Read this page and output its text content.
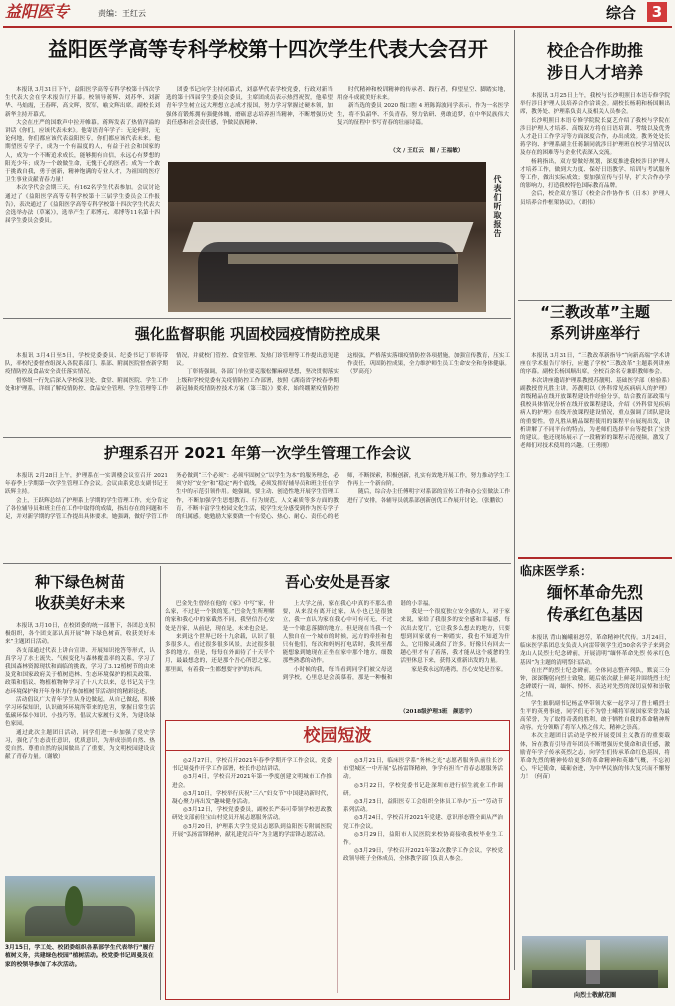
益阳医专	责编：王红云	综合	3
益阳医学高等专科学校第十四次学生代表大会召开

本报讯 3月31日下午，益阳医学高等专科学校第十四次学生代表大会在学术报告厅开幕。校领导蒋辉、刘苏华、刘新华、马灿霞，王春晖，高文晖，贺军，喻文辉出席。副校长刘新华主持开幕式。

大会在庄严的国歌声中拉开帷幕。蒋辉发表了热情洋溢的讲话《你们，应该代表未来》。他寄语青年学子：无论何时，无论何地，你们都应该代表益阳医专，你们都应该代表未来。他期望医专学子，成为一个有温度的人，有益于社会和国家的人，成为一个不断追求成长，能够拥有自信，永远心有梦想的阳光少年；成为一个敢做生命，无愧于心的医者；成为一个敢于挑战自我，勇于创新，精神饱满的专业人才，为祖国的医疗卫生事业贡献青春力量！

本次学代会会期三天，有162名学生代表参加。会议讨论通过了《益阳医学高等专科学校第十三届学生委员会工作报告》，表决通过了《益阳医学高等专科学校第十四次学生代表大会选举办法（草案）》，选举产生了邓博元、邓博等11名第十四届学生委员会委员。

团委书记向学主持闭幕式，刘嘉华代表学校党委，行政对新当选的第十四届学生委员会委员，主席团成员表示热烈祝贺，他希望青年学生树立远大理想立志成才报国，努力学习掌握过硬本领，加强体育锻炼拥有强健体魄，磨砺意志培养担当精神，不断增强历史责任感和社会责任感，争做民族精神、

时代精神和校训精神的传承者、践行者，仰望星空、脚踏实地，用奋斗成就美好未来。

新当选的委员 2020 级口腔 4 班陈海波同学表示，作为一名医学生，将不负韶华、不负青春，努力钻研、勇敢追梦，在中华民族伟大复兴的征程中书写青春的壮丽诗篇。

（文 / 王红云　图 / 王福敏）
代表们听取报告
校企合作助推
涉日人才培养

本报讯 3月25日上午，我校与长沙明照日本语专修学院举行涉日护理人员培养合作洽谈会。副校长杨莉和杨国顺出席，教务处、护理系负责人及相关人员参会。

长沙明照日本语专修学院院长夏艺介绍了我校与学院在涉日护理人才培养、高级双方将在日语培训、考级以及优秀人才赴日工作学习等方面深度合作，办出成效。教务处处长蒋学钧、护理系副主任蒋颖同就涉日护理班在校学习情况以及存在的困难等与企业代表深入交流。

杨莉指出，双方要做好规划，深度推进我校涉日护理人才培养工作，做到大力度、保好日语教学、培训与考试服务等工作，做出实际成效；要加强宣传与引导，扩大合作办学的影响力，打造我校特色国际教育品牌。

会后，校企双方签订《校企合作协作书（日本）护理人员培养合作框架协议》。（胡伟）

“三教改革”主题
系列讲座举行

本报讯 3月31日，“三教改革新指导”“向新高端”学术讲座在学术报告厅举行，应邀了学校“三教改革”主题系列讲座的序幕。副校长杨国顺出席，全校百余名专兼职教师参会。

本次讲座邀请护理系教授苏靓明、基础医学部（检验系）副教授曾凡胜主讲。苏靓明以《外科常见疾病病人的护理》省级精品在线开放课程建设作经验分享，结合教育部政策与我校具体情况分析在线开放课程建设，介绍《外科常见疾病病人的护理》在线开放课程建设情况，重点强调了团队建设的重要性。曾凡胜从精品课程使用的课程平台展现出发，讲析讲解了不同平台的特点，为老师们选择平台等提供了宝贵的建议。他还现场展示了一段精彩的课程示范视频，激发了老师们对技术使用的兴趣。（王勇刚）

强化监督职能 巩固校园疫情防控成果

本报讯 3月4日至5日，学校党委委员、纪委书记丁彰祷带队，率校纪委督查组深入各院系部门、系部、附属医院督查新学期疫情防控及食品安全责任落实情况。

督察组一行先后深入学校保卫处、食堂、附属医院、学生工作处和护理系，详细了解疫情防控、食品安全管理、学生管理等工作情况，并就校门管控、食堂管理、发热门诊管理等工作提出意见建议。

丁彰祷强调，各部门单位要克服松懈麻痹思想，坚决贯彻落实上级和学校党委有关疫情防控工作部署，按照《湖南省学校春季期新冠肺炎疫情防控技术方案（第三版）》要求，始终绷紧疫情防控这根弦，严格落实落细疫情防控各项措施，加强宣传教育，压实工作责任，巩固防控成果，全力维护师生员工生命安全和身体健康。（罗高亮）

护理系召开 2021 年第一次学生管理工作会议

本报讯 2月28日上午，护理系在一实训楼会议室召开 2021 年春季上学期第一次学生管理工作会议。会议由系党总支副书记王跃辉主持。

会上，王跃辉总结了护理系上学期的学生管理工作，充分肯定了各位辅导员和班主任在工作中取得的成绩，指出存在的问题和不足，并对新学期的学管工作提出具体要求。她强调，做好学管工作务必做到“三个必须”：必须牢固树立“以学生为本”的服务理念，必须守好“安全”和“稳定”两个底线，必须发挥好辅导员和班主任在学生中的示范引领作用。她强调，要主动、创造性地开展学生管理工作，不断加强学生思想教育、行为规范，人文素质等多方面的教育，不断丰富学生校园文化生活，使学生充分感受到作为医专学子的归属感。她勉励大家要做一个有爱心、热心、耐心、责任心的老师，不断探索，积极创新，扎实有效地开展工作，努力推动学生工作再上一个新台阶。

随后，综合办主任傅明宇对系部的宣传工作和办公室做法工作进行了安排，各辅导员就系部创新创优工作展开讨论。（张鹏钦）

种下绿色树苗
收获美好未来

本报讯 3月10日，在校团委的统一部署下，各团总支积极组织，各个团支部认真开展“种下绿色树苗，收获美好未来”主题团日活动。

各支部通过代表上讲台宣讲、开展知识抢答等形式，认真学习了水土流失、气候变化与森林覆盖率的关系，学习了我国森林资源现状和面临的挑战，学习了3.12植树节的由来及党和国家政府关于植树造林、生态环境保护的相关政策、政策和倡议、物植植物种学习了十八大以来，总书记关于生态环境保护和开年身体力行参加植树节活动时的精彩论述。

活动倡议广大青年学生从身边做起，从自己做起，积极学习环保知识，认识破坏环境所带来的危害，掌握日常生活低碳环保小知识、小技巧等。倡议大家履行义务，为建设绿色家园。

通过此次主题团日活动，同学们进一步加强了党史学习，强化了生态责任意识，优质意识，为形成崇尚自然、热爱自然、尊重自然的氛围做出了了重要，为文明校园建设贡献了青春力量。（谢敏）

3月15日，学工处、校团委组织各系部学生代表举行“履行植树义务，共建绿色校园”植树活动。校党委书记周曼及在家的校领导参加了本次活动。
吾心安处是吾家

巴金先生曾经在他的《家》中写“家，什么家，不过是一个狭的笼。”巴金先生所理解的家和我心中的家截然不同，我坚信吾心安处是吾家，从前是，现在是，未来也会是。

来到这个世界已经十九余载，认识了很多很多人，看过很多很多风景，去过很多很多的地方。但是，每每在外面待了十天半个月，最最想念的，还是那个吾心所思之家。那里面，有着我一生都想要守护的东西。

上大学之前，家在我心中真的不那么重要，从来没有离开过家，从小也已是很独立，我一直认为家在我心中可有可无，不过是一个歇息落脚的地方。但是现在当我一个人独自在一个城市的时候，远方的牵挂和也只有他们，每次和妈妈打电话时，我其至都能想象到她现在正坐在家中那个地方，细数那些熟悉的动作。

小时候的我，每当看到同学们被父母送到学校，心里总是会羡慕着，那是一种极和谐的小幸福。

我是一个很度独立安全感的人，对于家来说，家给了我很多的安全感和幸福感，每次出去宽厅，它让我多么想去的地方，只要想到回家就有一种踏实，我也不知道为什么，它用像灵魂似了许多。好像只有回去一趟心里才有了着落，我才能从这个疲惫的生活里休息下来，获得又重新出发的力量。

家是我永远的港湾，吾心安处是吾家。

（2018级护理3班　颜思宇）
校园短波

◎2月27日，学校召开2021年春季学期开学工作会议，党委书记周曼作开学工作部署，校长作总结讲话。

◎3月4日，学校召开2021年第一季度创建文明城市工作推进会。

◎3月10日，学校举行庆祝“三八”妇女节“中国建功新时代，凝心聚力再出发”趣味健身活动。

◎3月12日，学校党委委员，副校长严奏可带领学校思政教研处支部前往宝山村党员开展志愿服务活动。

◎3月20日，护理系大学生党员志愿队到益阳医专附属医院开展“弘扬雷锋精神，献礼建党百年”为主题的学雷锋志愿活动。

◎3月21日，临床医学系“务林之光”志愿者服务队前往长沙市望城区一中开展“弘扬雷锋精神，争学有担当”青春志愿服务活动。

◎3月22日，学校党委书记赴深圳市进行招生就业工作调研。

◎3月23日，益阳医专工会组织全体员工举办“五一”劳动节系列活动。

◎3月24日，学校召开2021年党建、意识形态暨全面从严治党工作会议。

◎3月29日，益阳市人民医院来校协商接收我校毕业生工作。

◎3月29日，学校召开2021年第2次教学工作会议，学校党政领导班子全体成员，全体教学部门负责人参会。

临床医学系：
缅怀革命先烈
传承红色基因

本报讯 背山巍峨祖怒劳，革命精神代代传。3月24日，临床医学系团总支负责人向雷带领学生近50余名学子来到会龙山人民烈士纪念碑前，开展清明“缅怀革命先烈 传承红色基因”为主题的清明祭扫活动。

在庄严的烈士纪念碑前，全体同志整齐列队，默哀三分钟，深深鞠躬向烈士致敬。随后依次献上鲜花并围绕烈士纪念碑缓行一周，缅怀、悼怀、表达对先烈的深切哀悼和崇敬之情。

学生兼职副书记杨孟华带领大家一起学习了曾士峨烈士生平的英勇事迹，同学们无不为曾士峨将军视国家荣誉为最高荣誉，为了取得奇袭的胜利，敢于牺牲自我的革命精神所动容。充分领略了将军人格之伟大、精神之崇高。

本次主题团日活动是学校开展爱国主义教育的重要载体，旨在教育引导青年团员不断增强历史使命和责任感，激励青年学子传承英烈之志，向学生们传承革命红色基因，将革命先烈的精神传给更多的革命精神和英雄气概，不忘初心，牢记使命，砥砺奋进，为中华民族的伟大复兴而不懈努力！（何苗）

向烈士敬献花圈
